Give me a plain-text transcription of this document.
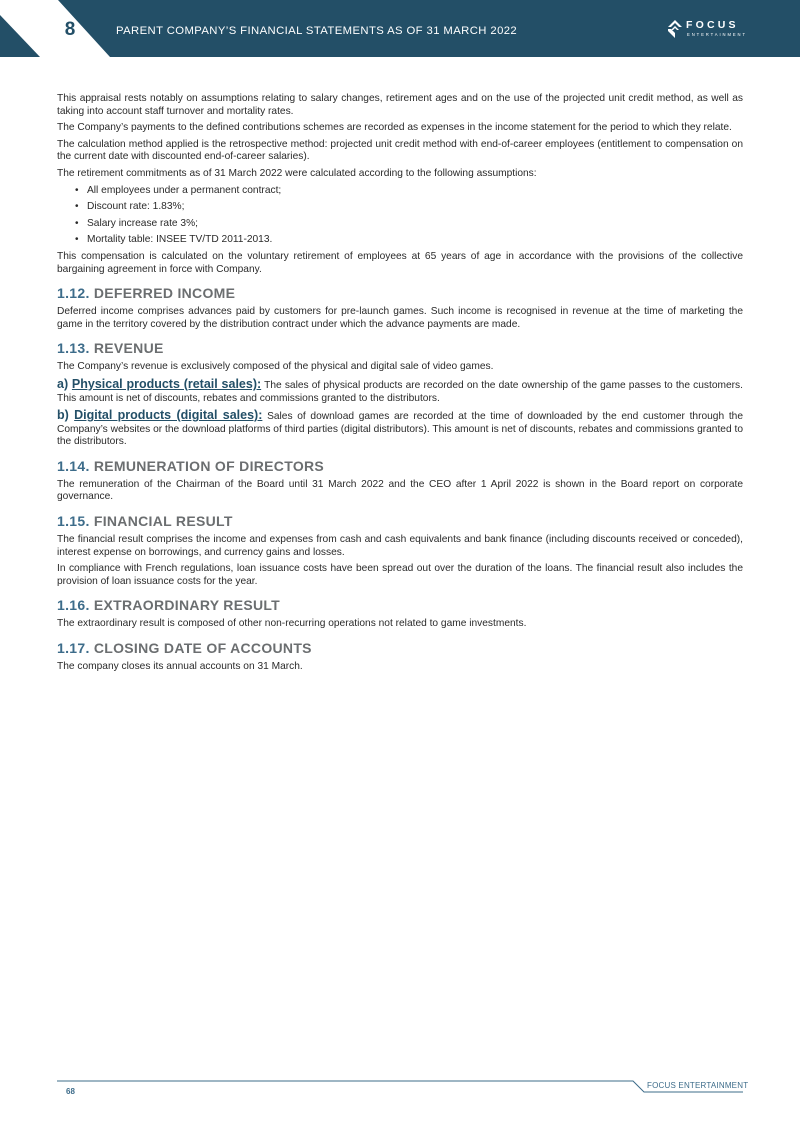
8	PARENT COMPANY’S FINANCIAL STATEMENTS AS OF 31 MARCH 2022	FOCUS
ENTERTAINMENT

This appraisal rests notably on assumptions relating to salary changes, retirement ages and on the use of the projected unit credit method, as well as taking into account staff turnover and mortality rates.

The Company’s payments to the defined contributions schemes are recorded as expenses in the income statement for the period to which they relate.

The calculation method applied is the retrospective method: projected unit credit method with end-of-career employees (entitlement to compensation on the current date with discounted end-of-career salaries).

The retirement commitments as of 31 March 2022 were calculated according to the following assumptions:

• All employees under a permanent contract;
• Discount rate: 1.83%;
• Salary increase rate 3%;
• Mortality table: INSEE TV/TD 2011-2013.

This compensation is calculated on the voluntary retirement of employees at 65 years of age in accordance with the provisions of the collective bargaining agreement in force with Company.

1.12. DEFERRED INCOME

Deferred income comprises advances paid by customers for pre-launch games. Such income is recognised in revenue at the time of marketing the game in the territory covered by the distribution contract under which the advance payments are made.

1.13. REVENUE

The Company’s revenue is exclusively composed of the physical and digital sale of video games.

a) Physical products (retail sales): The sales of physical products are recorded on the date ownership of the game passes to the customers. This amount is net of discounts, rebates and commissions granted to the distributors.

b) Digital products (digital sales): Sales of download games are recorded at the time of downloaded by the end customer through the Company’s websites or the download platforms of third parties (digital distributors). This amount is net of discounts, rebates and commissions granted to the distributors.

1.14. REMUNERATION OF DIRECTORS

The remuneration of the Chairman of the Board until 31 March 2022 and the CEO after 1 April 2022 is shown in the Board report on corporate governance.

1.15. FINANCIAL RESULT

The financial result comprises the income and expenses from cash and cash equivalents and bank finance (including discounts received or conceded), interest expense on borrowings, and currency gains and losses.

In compliance with French regulations, loan issuance costs have been spread out over the duration of the loans. The financial result also includes the provision of loan issuance costs for the year.

1.16. EXTRAORDINARY RESULT

The extraordinary result is composed of other non-recurring operations not related to game investments.

1.17. CLOSING DATE OF ACCOUNTS

The company closes its annual accounts on 31 March.

68
FOCUS ENTERTAINMENT
